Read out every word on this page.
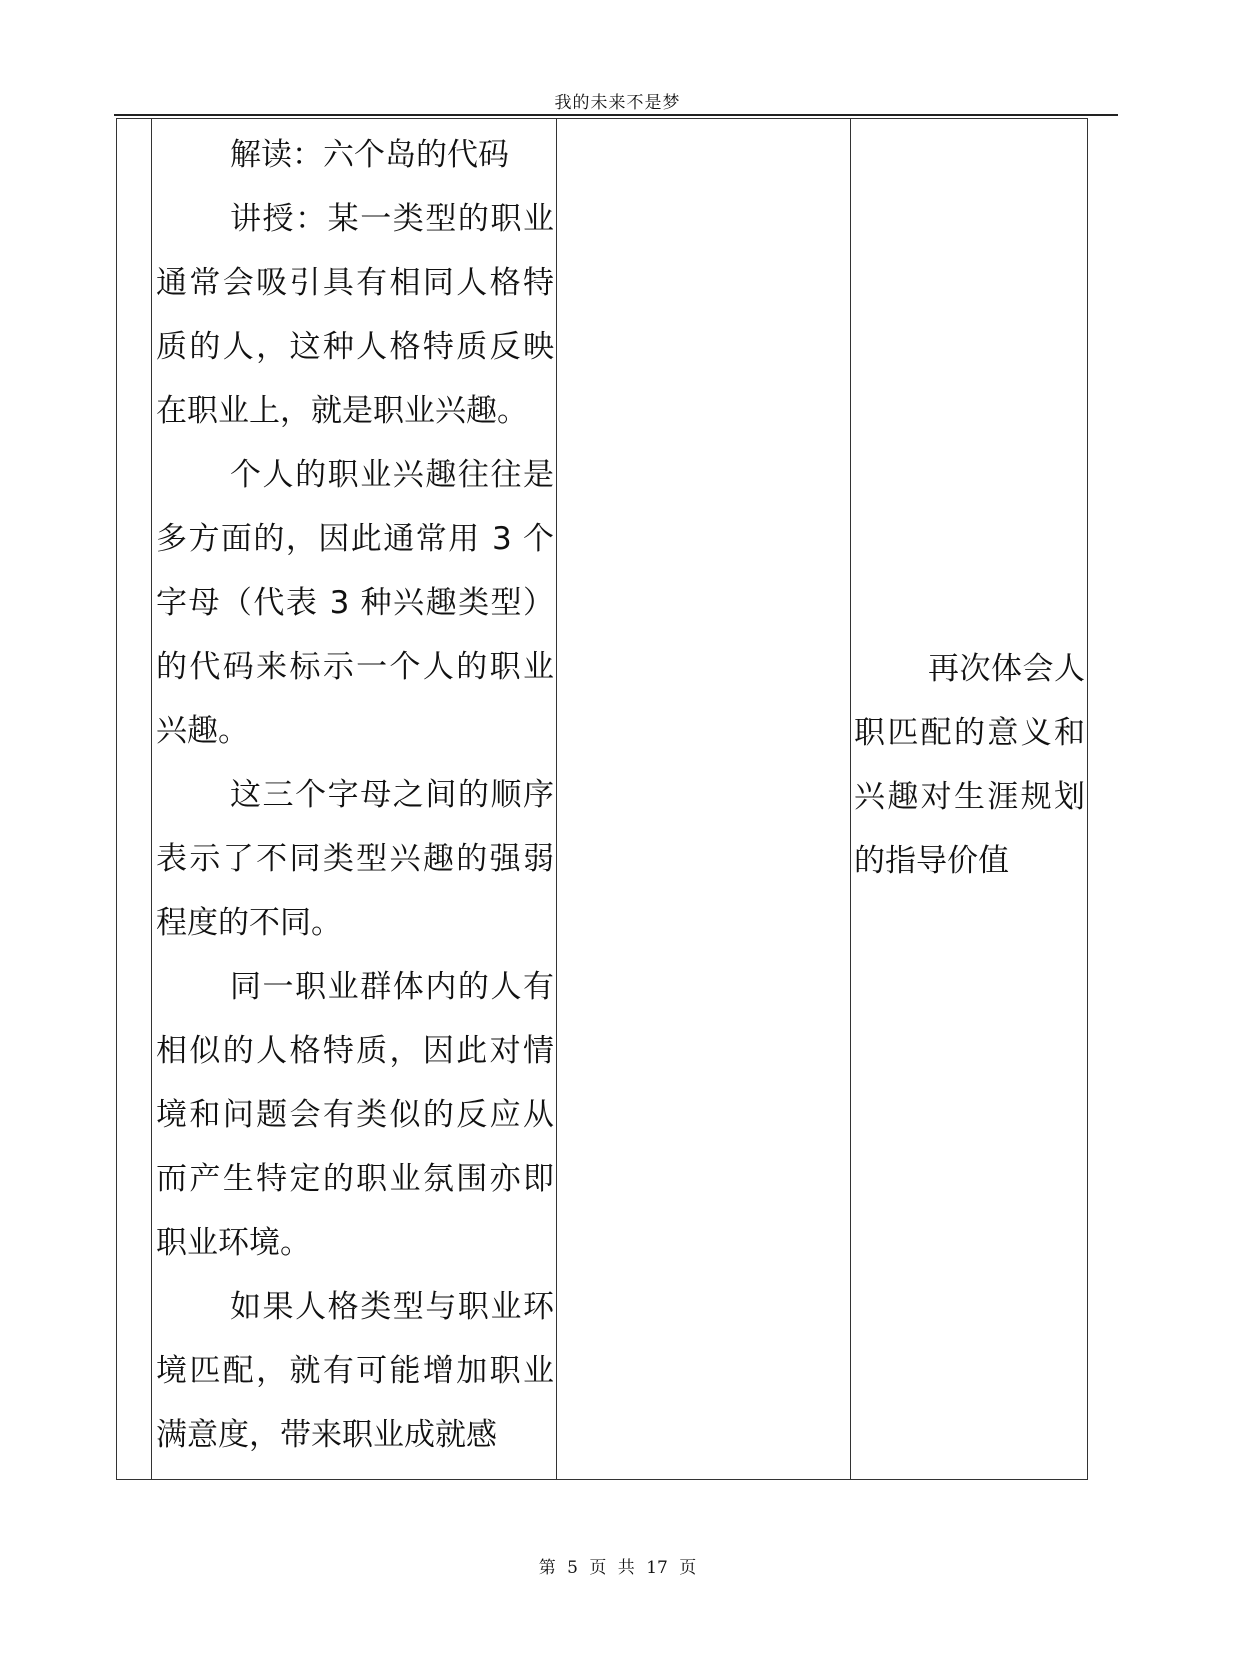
我的未来不是梦

解读：六个岛的代码

讲授：某一类型的职业通常会吸引具有相同人格特质的人，这种人格特质反映在职业上，就是职业兴趣。

个人的职业兴趣往往是多方面的，因此通常用 3 个字母（代表 3 种兴趣类型）的代码来标示一个人的职业兴趣。

这三个字母之间的顺序表示了不同类型兴趣的强弱程度的不同。

同一职业群体内的人有相似的人格特质，因此对情境和问题会有类似的反应从而产生特定的职业氛围亦即职业环境。

如果人格类型与职业环境匹配，就有可能增加职业满意度，带来职业成就感

再次体会人职匹配的意义和兴趣对生涯规划的指导价值

第 5 页 共 17 页
